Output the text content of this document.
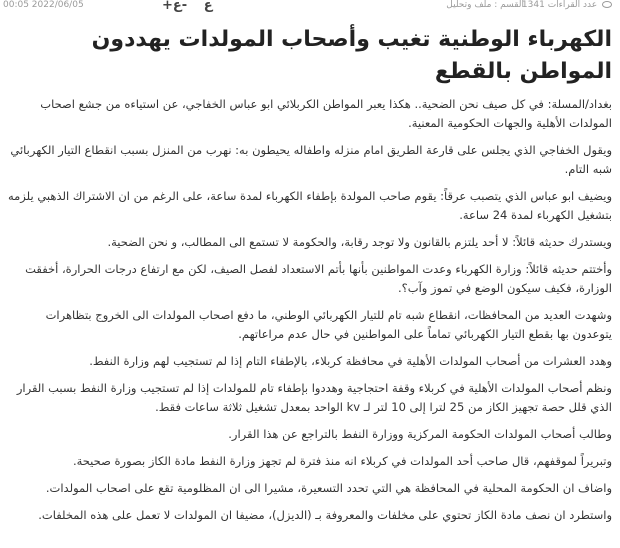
00:05 2022/06/05	+ع -ع	القسم : ملف وتحليل
عدد القراءات 1341
الكهرباء الوطنية تغيب وأصحاب المولدات يهددون المواطن بالقطع

بغداد/المسلة: في كل صيف نحن الضحية.. هكذا يعبر المواطن الكربلائي ابو عباس الخفاجي، عن استياءه من جشع اصحاب المولدات الأهلية والجهات الحكومية المعنية.

ويقول الخفاجي الذي يجلس على قارعة الطريق امام منزله واطفاله يحيطون به: نهرب من المنزل بسبب انقطاع التيار الكهربائي شبه التام.

ويضيف ابو عباس الذي يتصبب عرقاً: يقوم صاحب المولدة بإطفاء الكهرباء لمدة ساعة، على الرغم من ان الاشتراك الذهبي يلزمه بتشغيل الكهرباء لمدة 24 ساعة.

ويستدرك حديثه قائلاً: لا أحد يلتزم بالقانون ولا توجد رقابة، والحكومة لا تستمع الى المطالب، و نحن الضحية.

وأختتم حديثه قائلاً: وزارة الكهرباء وعدت المواطنين بأنها بأتم الاستعداد لفصل الصيف، لكن مع ارتفاع درجات الحرارة، أخفقت الوزارة، فكيف سيكون الوضع في تموز وآب؟.

وشهدت العديد من المحافظات، انقطاع شبه تام للتيار الكهربائي الوطني، ما دفع اصحاب المولدات الى الخروج بتظاهرات يتوعدون بها بقطع التيار الكهربائي تماماً على المواطنين في حال عدم مراعاتهم.

وهدد العشرات من أصحاب المولدات الأهلية في محافظة كربلاء، بالإطفاء التام إذا لم تستجيب لهم وزارة النفط.

ونظم أصحاب المولدات الأهلية في كربلاء وقفة احتجاجية وهددوا بإطفاء تام للمولدات إذا لم تستجيب وزارة النفط بسبب القرار الذي قلل حصة تجهيز الكاز من 25 لترا إلى 10 لتر لـ kv الواحد بمعدل تشغيل ثلاثة ساعات فقط.

وطالب أصحاب المولدات الحكومة المركزية ووزارة النفط بالتراجع عن هذا القرار.

وتبريراً لموقفهم، قال صاحب أحد المولدات في كربلاء انه منذ فترة لم تجهز وزارة النفط مادة الكاز بصورة صحيحة.

واضاف ان الحكومة المحلية في المحافظة هي التي تحدد التسعيرة، مشيرا الى ان المظلومية تقع على اصحاب المولدات.

واستطرد ان نصف مادة الكاز تحتوي على مخلفات والمعروفة بـ (الديزل)، مضيفا ان المولدات لا تعمل على هذه المخلفات.
